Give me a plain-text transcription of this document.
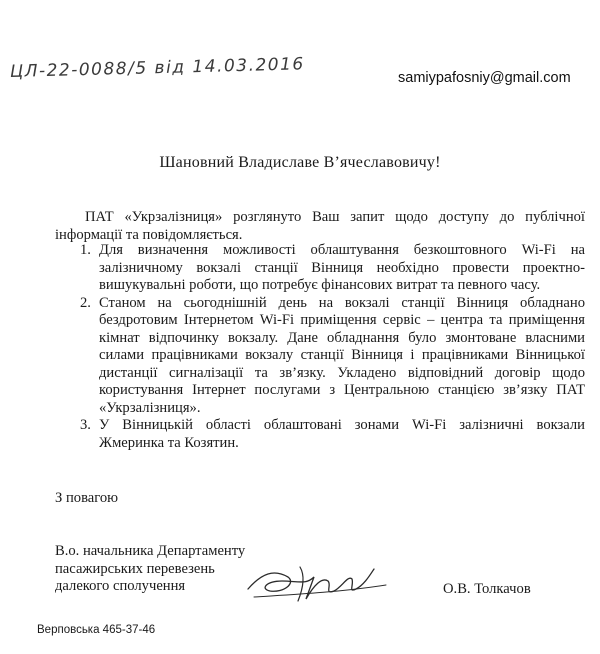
ЦЛ-22-0088/5 від 14.03.2016	samiypafosniy@gmail.com
Шановний Владиславе В’ячеславовичу!
ПАТ «Укрзалізниця» розглянуто Ваш запит щодо доступу до публічної
інформації та повідомляється.
1. Для визначення можливості облаштування безкоштовного Wi-Fi на залізничному вокзалі станції Вінниця необхідно провести проектно-вишукувальні роботи, що потребує фінансових витрат та певного часу.
2. Станом на сьогоднішній день на вокзалі станції Вінниця обладнано бездротовим Інтернетом Wi-Fi приміщення сервіс – центра та приміщення кімнат відпочинку вокзалу. Дане обладнання було змонтоване власними силами працівниками вокзалу станції Вінниця і працівниками Вінницької дистанції сигналізації та зв’язку. Укладено відповідний договір щодо користування Інтернет послугами з Центральною станцією зв’язку ПАТ «Укрзалізниця».
3. У Вінницькій області облаштовані зонами Wi-Fi залізничні вокзали Жмеринка та Козятин.
З повагою
В.о. начальника Департаменту
пасажирських перевезень
далекого сполучення	О.В. Толкачов
Верповська 465-37-46
